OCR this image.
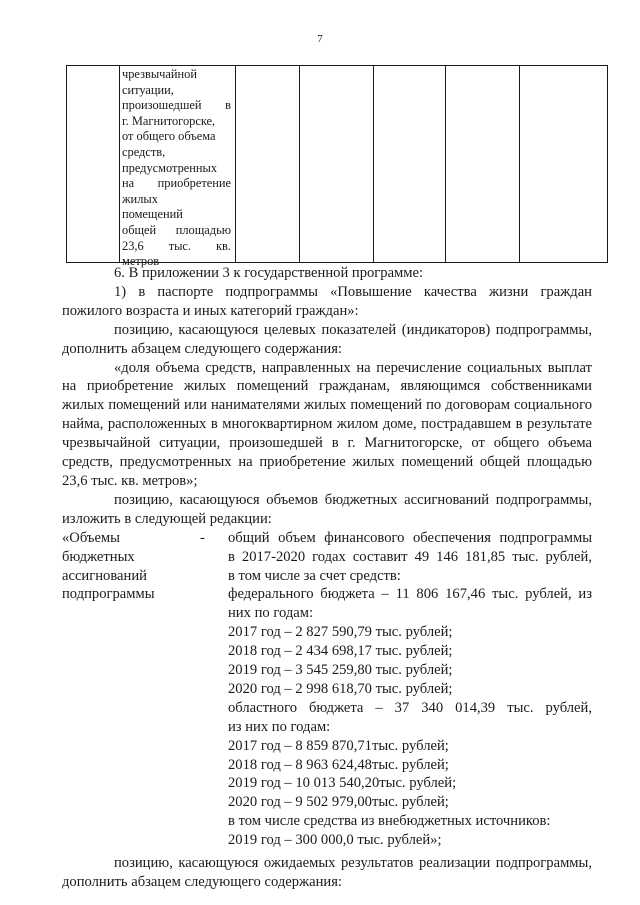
7
чрезвычайной
ситуации,
произошедшей в
г. Магнитогорске,
от общего объема
средств,
предусмотренных
на приобретение
жилых
помещений
общей площадью
23,6 тыс. кв.
метров

6. В приложении 3 к государственной программе:

1) в паспорте подпрограммы «Повышение качества жизни граждан пожилого возраста и иных категорий граждан»:

позицию, касающуюся целевых показателей (индикаторов) подпрограммы, дополнить абзацем следующего содержания:

«доля объема средств, направленных на перечисление социальных выплат на приобретение жилых помещений гражданам, являющимся собственниками жилых помещений или нанимателями жилых помещений по договорам социального найма, расположенных в многоквартирном жилом доме, пострадавшем в результате чрезвычайной ситуации, произошедшей в г. Магнитогорске, от общего объема средств, предусмотренных на приобретение жилых помещений общей площадью 23,6 тыс. кв. метров»;

позицию, касающуюся объемов бюджетных ассигнований подпрограммы, изложить в следующей редакции:

«Объемы
бюджетных
ассигнований
подпрограммы
- общий объем финансового обеспечения подпрограммы
в 2017-2020 годах составит 49 146 181,85 тыс. рублей,
в том числе за счет средств:
федерального бюджета – 11 806 167,46 тыс. рублей, из
них по годам:
2017 год – 2 827 590,79 тыс. рублей;
2018 год – 2 434 698,17 тыс. рублей;
2019 год – 3 545 259,80 тыс. рублей;
2020 год – 2 998 618,70 тыс. рублей;
областного бюджета – 37 340 014,39 тыс. рублей,
из них по годам:
2017 год – 8 859 870,71тыс. рублей;
2018 год – 8 963 624,48тыс. рублей;
2019 год – 10 013 540,20тыс. рублей;
2020 год – 9 502 979,00тыс. рублей;
в том числе средства из внебюджетных источников:
2019 год – 300 000,0 тыс. рублей»;

позицию, касающуюся ожидаемых результатов реализации подпрограммы, дополнить абзацем следующего содержания:
